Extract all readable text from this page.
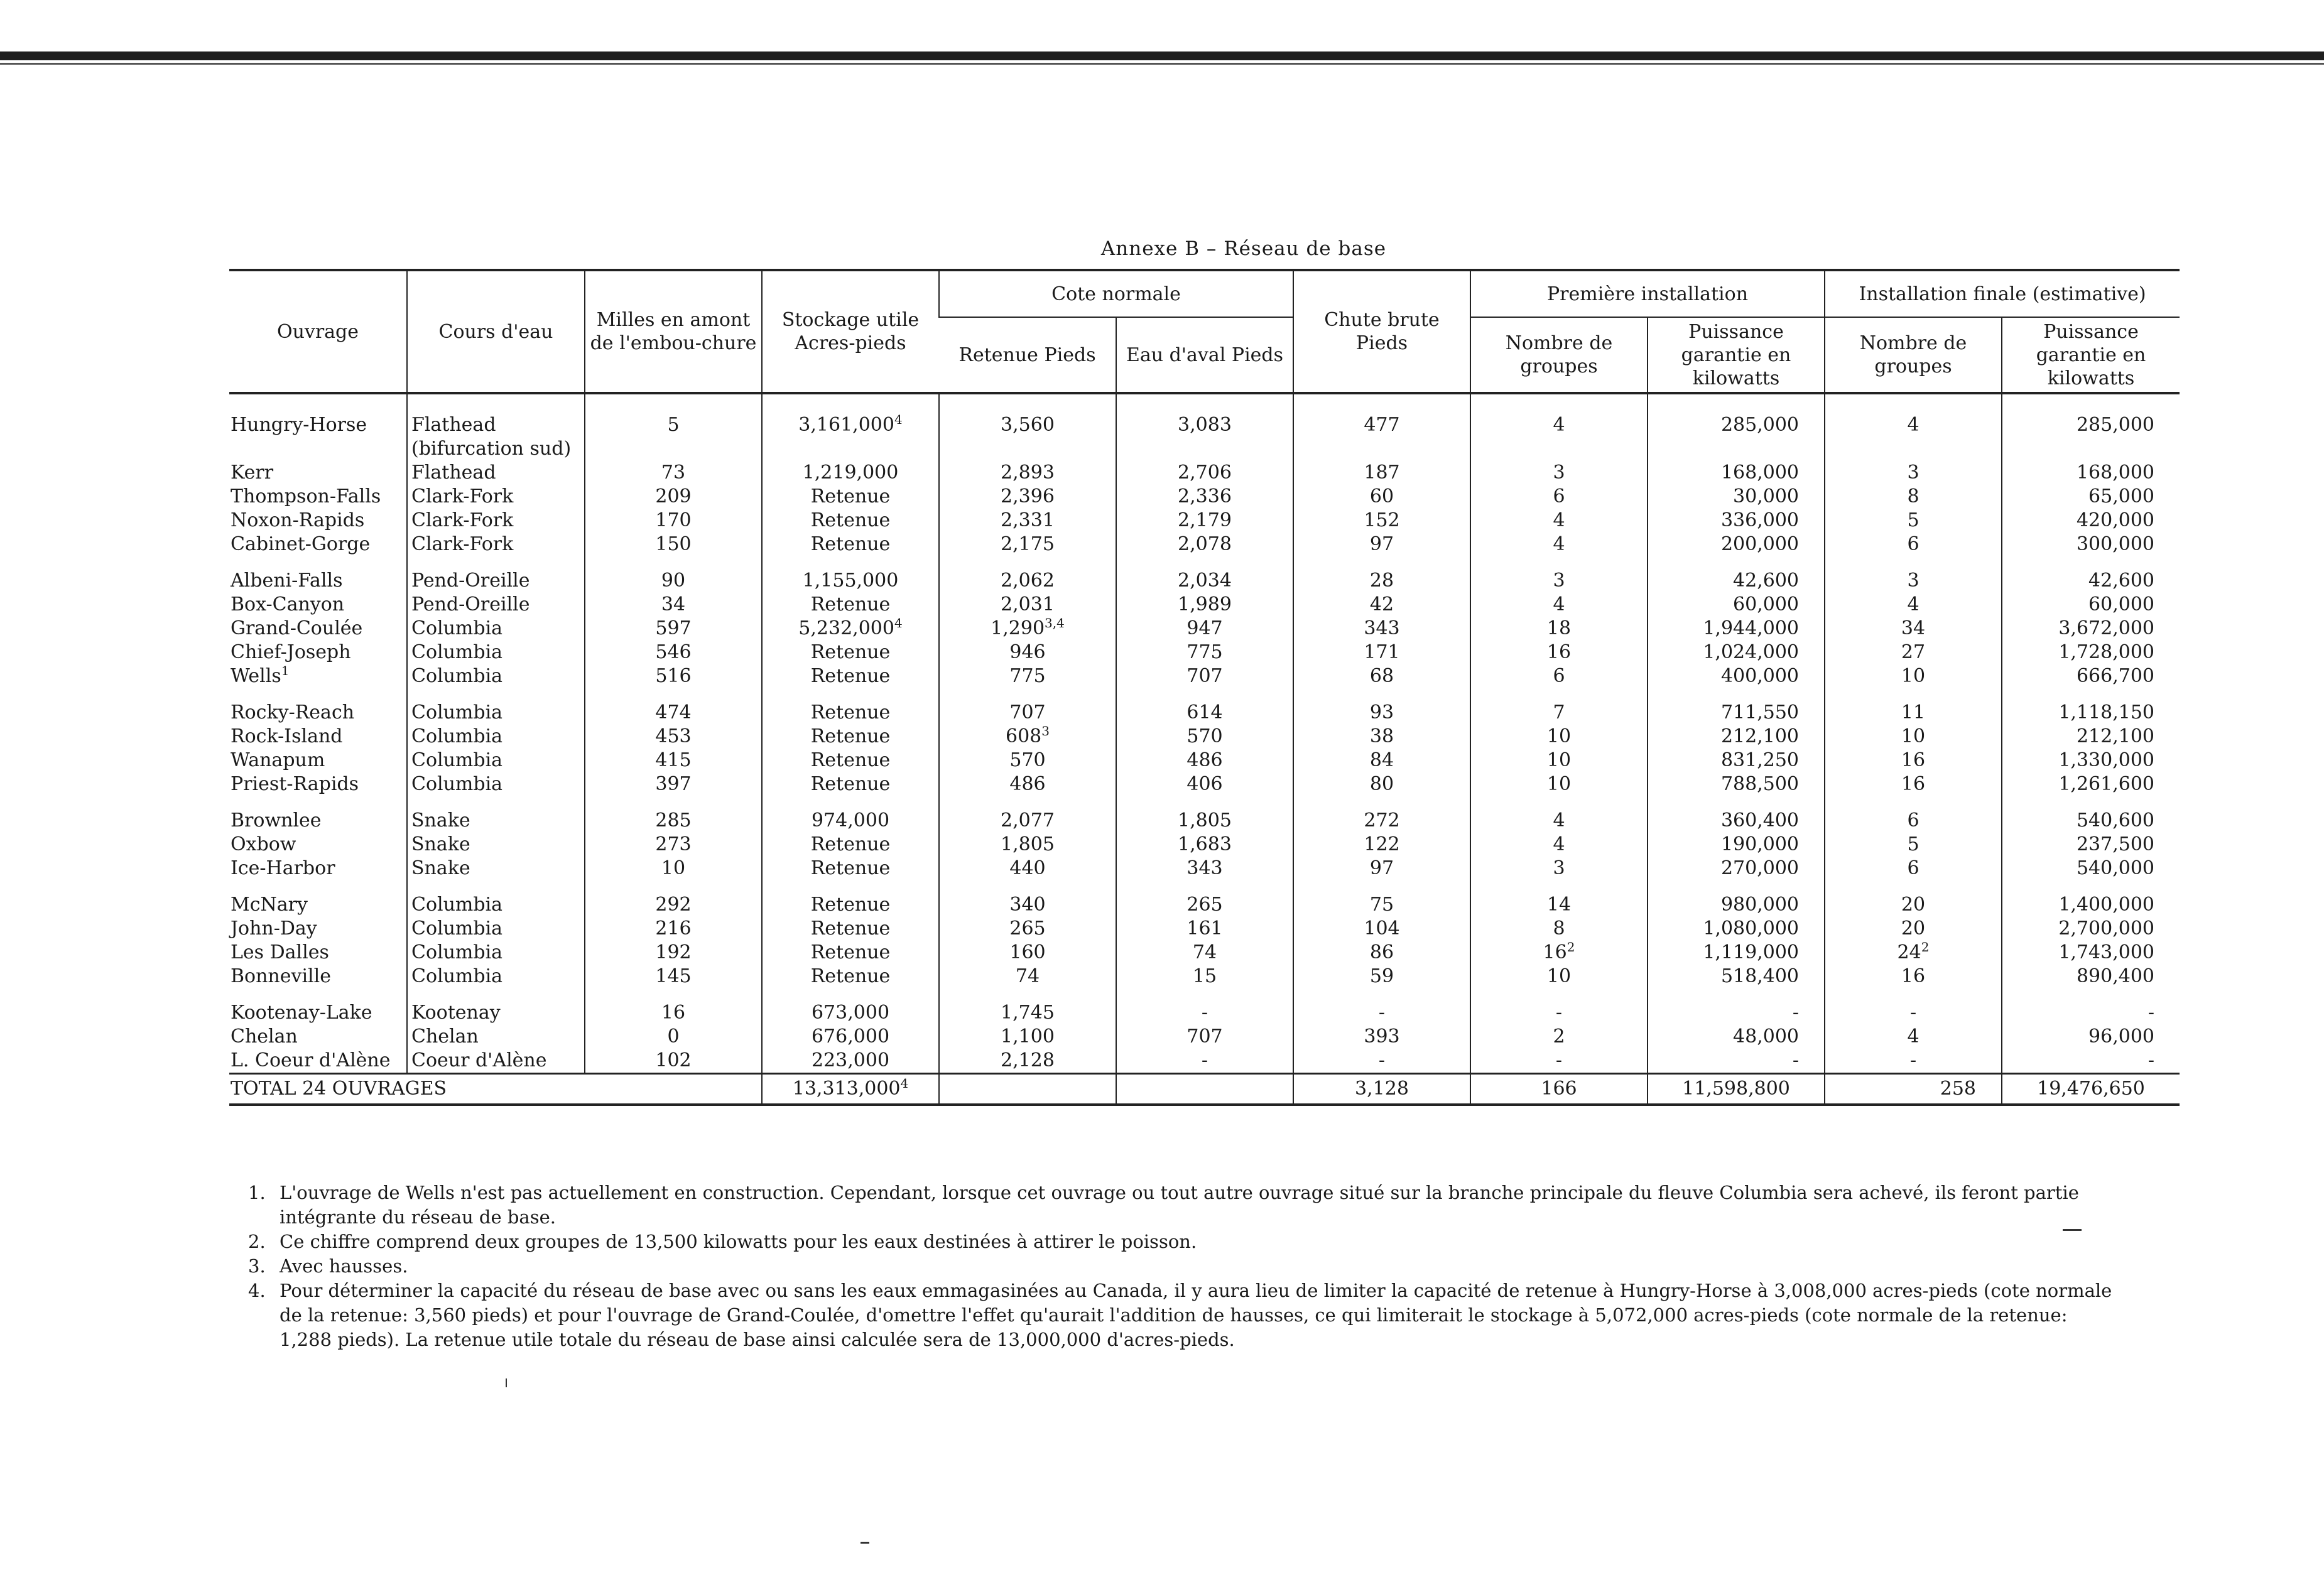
Annexe B – Réseau de base
Ouvrage	Cours d'eau	Milles en amont de l'embou-chure	Stockage utile Acres-pieds	Cote normale		Chute brute Pieds	Première installation		Installation finale (estimative)	
				Retenue Pieds	Eau d'aval Pieds		Nombre de groupes	Puissance garantie en kilowatts	Nombre de groupes	Puissance garantie en kilowatts
Hungry-Horse	Flathead	5	3,161,000$^4$	3,560	3,083	477	4	285,000	4	285,000
	(bifurcation sud)									
Kerr	Flathead	73	1,219,000	2,893	2,706	187	3	168,000	3	168,000
Thompson-Falls	Clark-Fork	209	Retenue	2,396	2,336	60	6	30,000	8	65,000
Noxon-Rapids	Clark-Fork	170	Retenue	2,331	2,179	152	4	336,000	5	420,000
Cabinet-Gorge	Clark-Fork	150	Retenue	2,175	2,078	97	4	200,000	6	300,000

Albeni-Falls	Pend-Oreille	90	1,155,000	2,062	2,034	28	3	42,600	3	42,600
Box-Canyon	Pend-Oreille	34	Retenue	2,031	1,989	42	4	60,000	4	60,000
Grand-Coulée	Columbia	597	5,232,000$^4$	1,290$^{3,4}$	947	343	18	1,944,000	34	3,672,000
Chief-Joseph	Columbia	546	Retenue	946	775	171	16	1,024,000	27	1,728,000
Wells$^1$	Columbia	516	Retenue	775	707	68	6	400,000	10	666,700

Rocky-Reach	Columbia	474	Retenue	707	614	93	7	711,550	11	1,118,150
Rock-Island	Columbia	453	Retenue	$608^3$	570	38	10	212,100	10	212,100
Wanapum	Columbia	415	Retenue	570	486	84	10	831,250	16	1,330,000
Priest-Rapids	Columbia	397	Retenue	486	406	80	10	788,500	16	1,261,600

Brownlee	Snake	285	974,000	2,077	1,805	272	4	360,400	6	540,600
Oxbow	Snake	273	Retenue	1,805	1,683	122	4	190,000	5	237,500
Ice-Harbor	Snake	10	Retenue	440	343	97	3	270,000	6	540,000

McNary	Columbia	292	Retenue	340	265	75	14	980,000	20	1,400,000
John-Day	Columbia	216	Retenue	265	161	104	8	1,080,000	20	2,700,000
Les Dalles	Columbia	192	Retenue	160	74	86	$16^2$	1,119,000	$24^2$	1,743,000
Bonneville	Columbia	145	Retenue	74	15	59	10	518,400	16	890,400

Kootenay-Lake	Kootenay	16	673,000	1,745	-	-	-	-	-	-
Chelan	Chelan	0	676,000	1,100	707	393	2	48,000	4	96,000
L. Coeur d'Alène	Coeur d'Alène	102	223,000	2,128	-	-	-	-	-	-
TOTAL 24 OUVRAGES			13,313,000$^4$			3,128	166	11,598,800	258	19,476,650
1. L'ouvrage de Wells n'est pas actuellement en construction. Cependant, lorsque cet ouvrage ou tout autre ouvrage situé sur la branche principale du fleuve Columbia sera achevé, ils feront partie intégrante du réseau de base.
2. Ce chiffre comprend deux groupes de 13,500 kilowatts pour les eaux destinées à attirer le poisson.
3. Avec hausses.
4. Pour déterminer la capacité du réseau de base avec ou sans les eaux emmagasinées au Canada, il y aura lieu de limiter la capacité de retenue à Hungry-Horse à 3,008,000 acres-pieds (cote normale de la retenue: 3,560 pieds) et pour l'ouvrage de Grand-Coulée, d'omettre l'effet qu'aurait l'addition de hausses, ce qui limiterait le stockage à 5,072,000 acres-pieds (cote normale de la retenue: 1,288 pieds). La retenue utile totale du réseau de base ainsi calculée sera de 13,000,000 d'acres-pieds.
